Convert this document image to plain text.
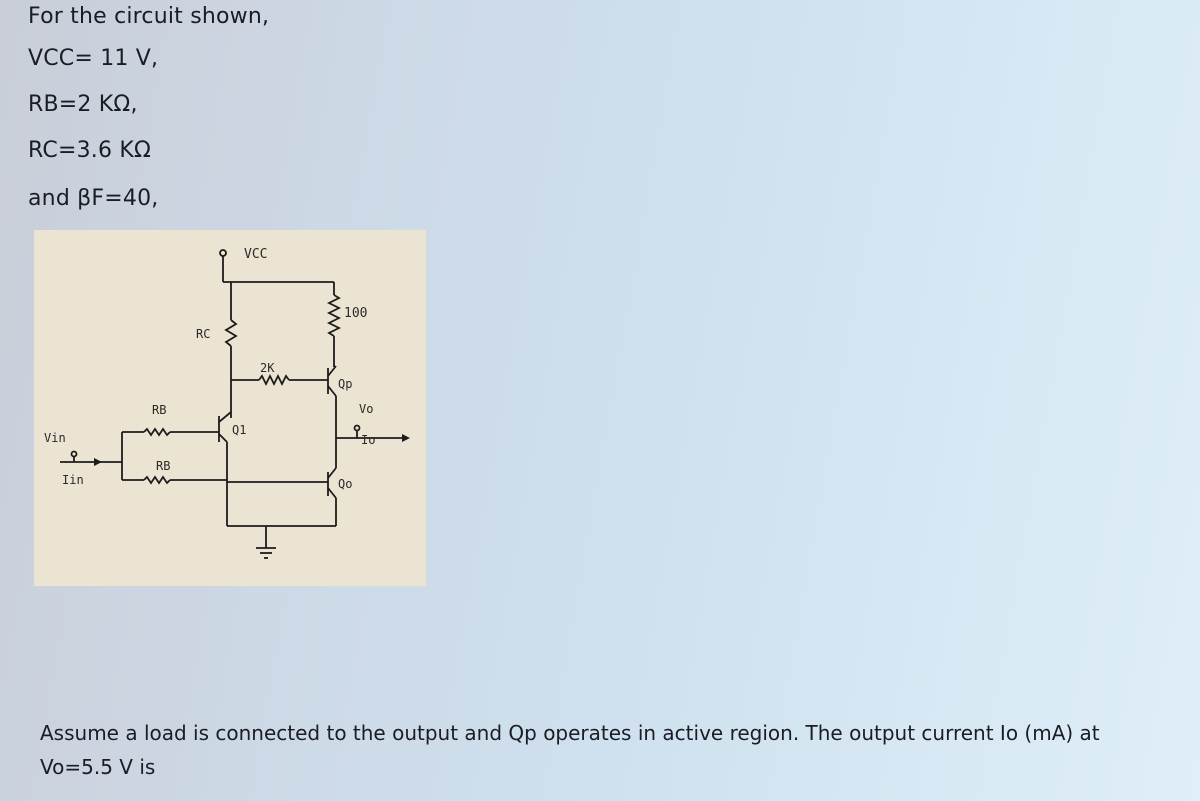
For the circuit shown,
VCC= 11 V,
RB=2 KΩ,
RC=3.6 KΩ
and βF=40,
VCC
RC
100
2K
Qp
Vo
Io
Qo
Q1
RB
RB
Vin
Iin
Assume a load is connected to the output and Qp operates in active region. The output current Io (mA) at Vo=5.5 V is
